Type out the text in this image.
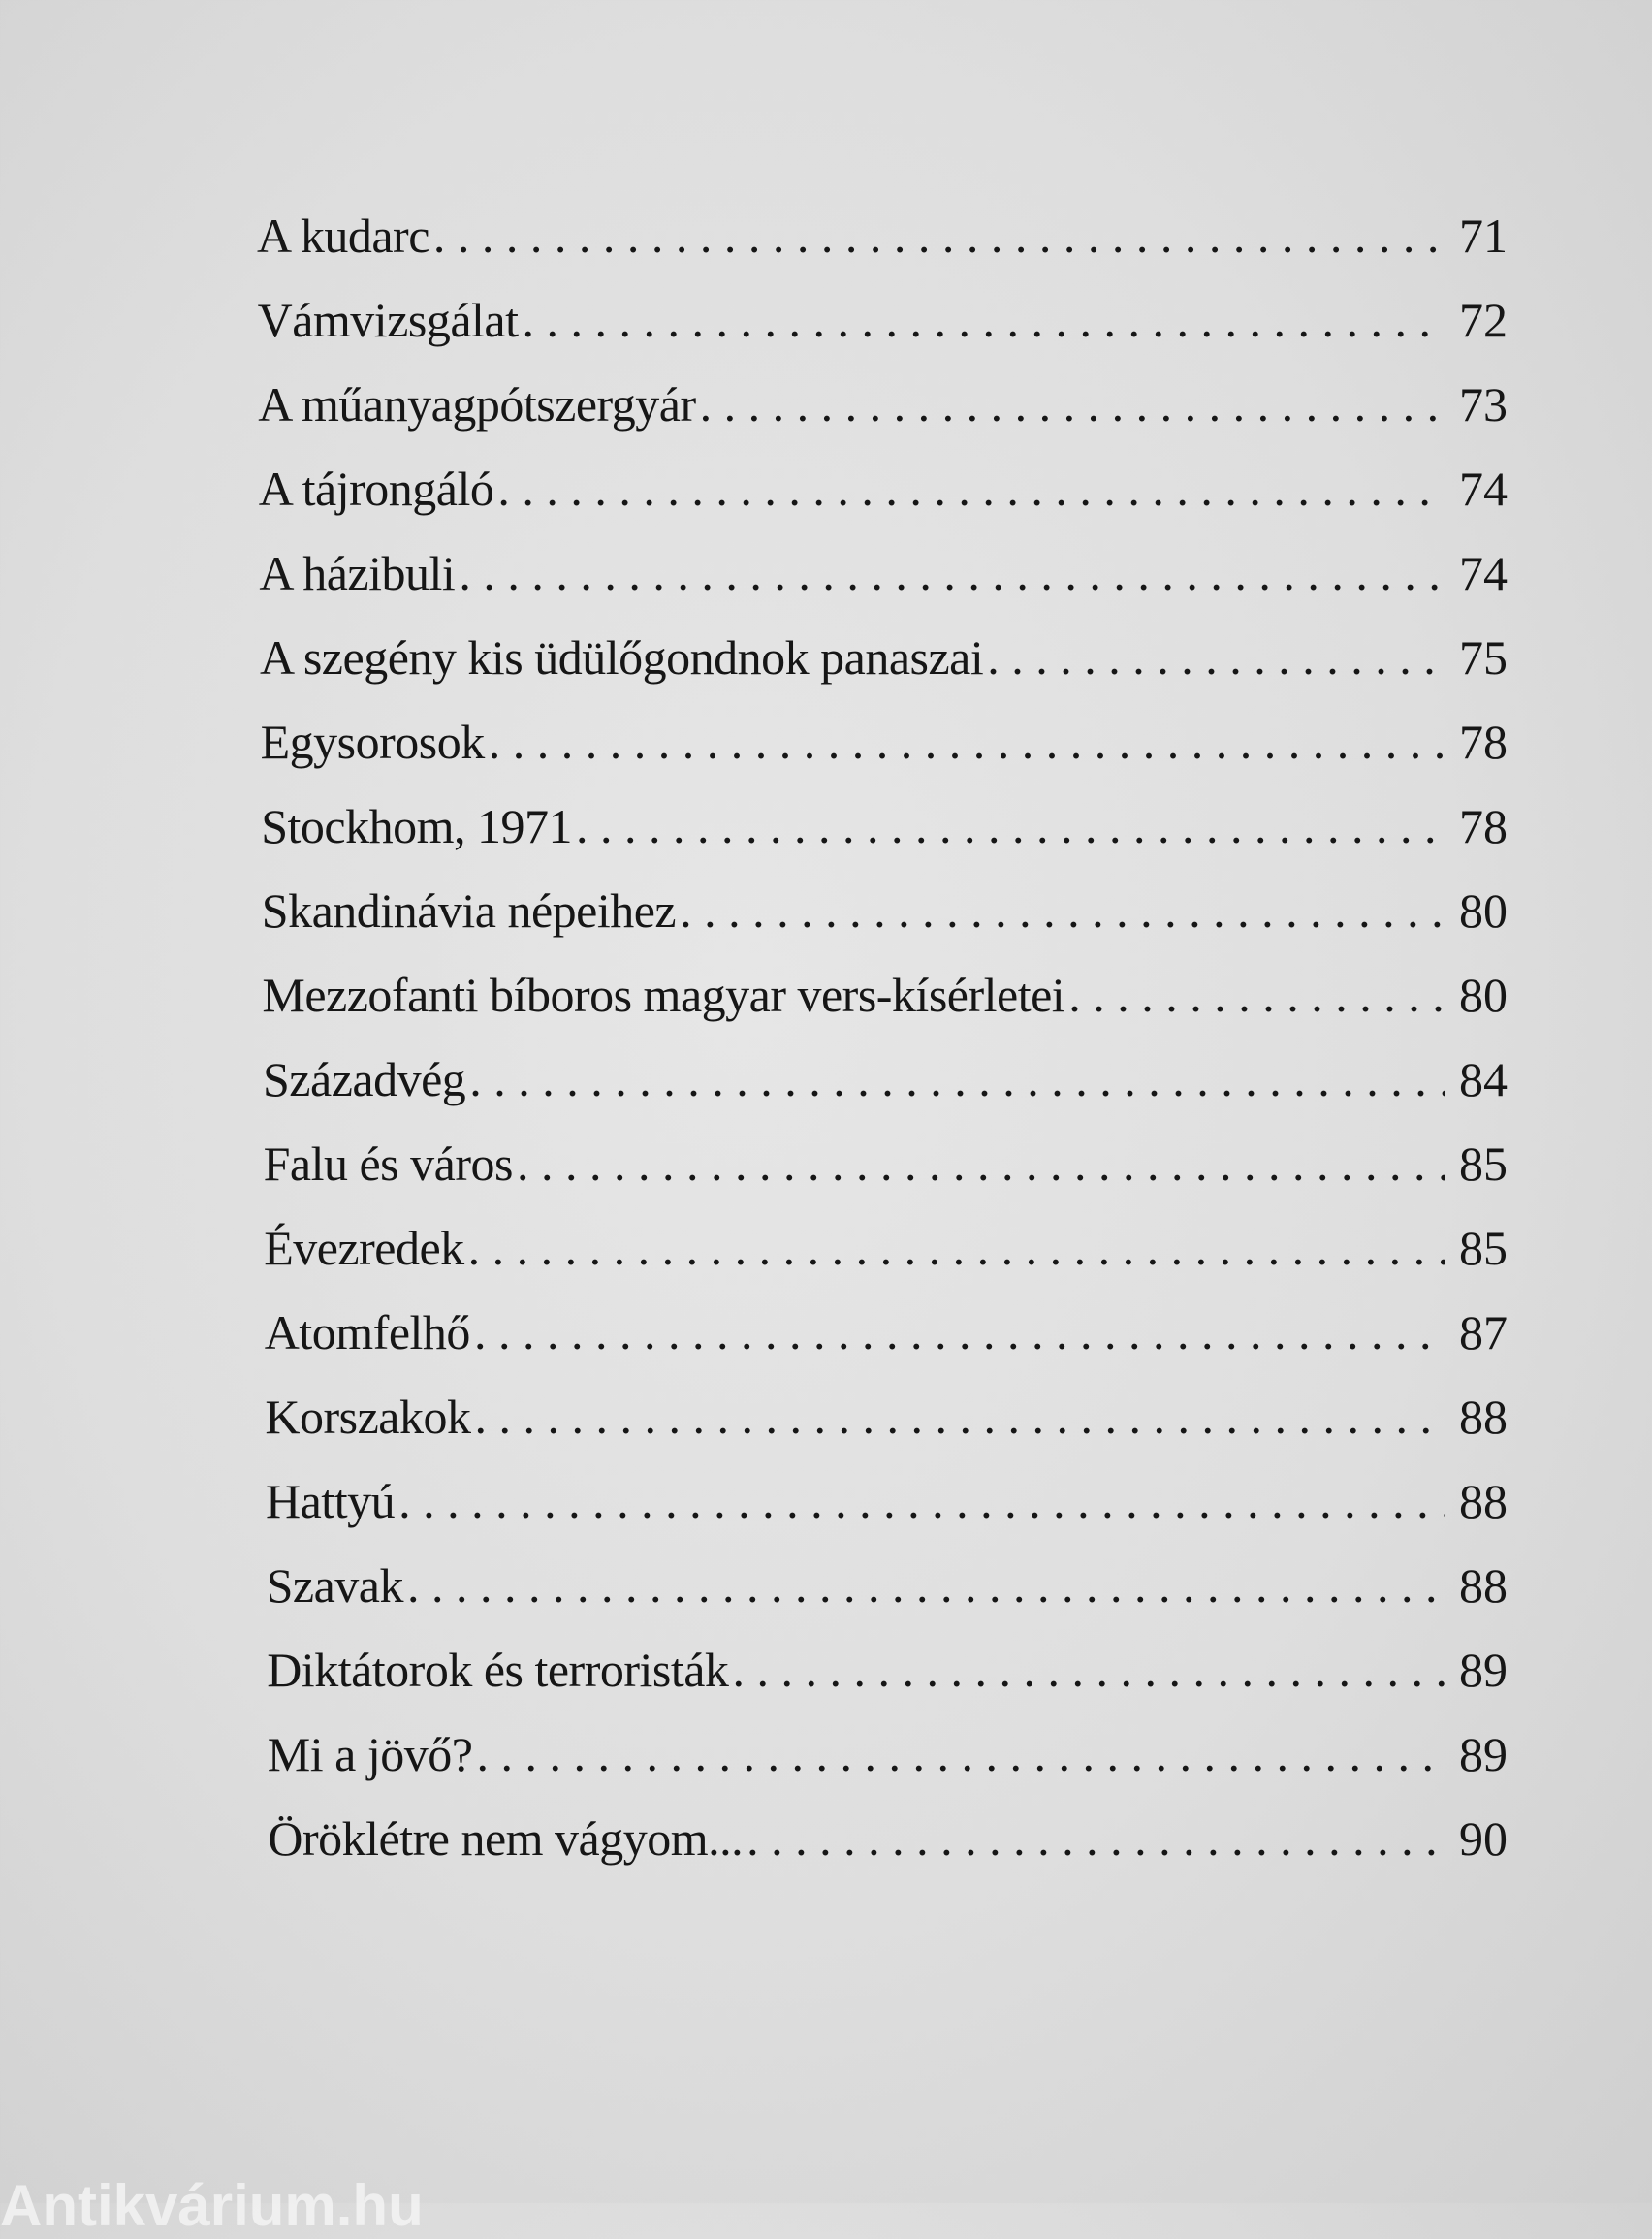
A kudarc . . .	71
Vámvizsgálat . . .	72
A műanyagpótszergyár . . .	73
A tájrongáló . . .	74
A házibuli . . .	74
A szegény kis üdülőgondnok panaszai . . .	75
Egysorosok . . .	78
Stockhom, 1971 . . .	78
Skandinávia népeihez . . .	80
Mezzofanti bíboros magyar vers-kísérletei . . .	80
Századvég . . .	84
Falu és város . . .	85
Évezredek . . .	85
Atomfelhő . . .	87
Korszakok . . .	88
Hattyú . . .	88
Szavak . . .	88
Diktátorok és terroristák . . .	89
Mi a jövő? . . .	89
Öröklétre nem vágyom... . . .	90
Antikvárium.hu
